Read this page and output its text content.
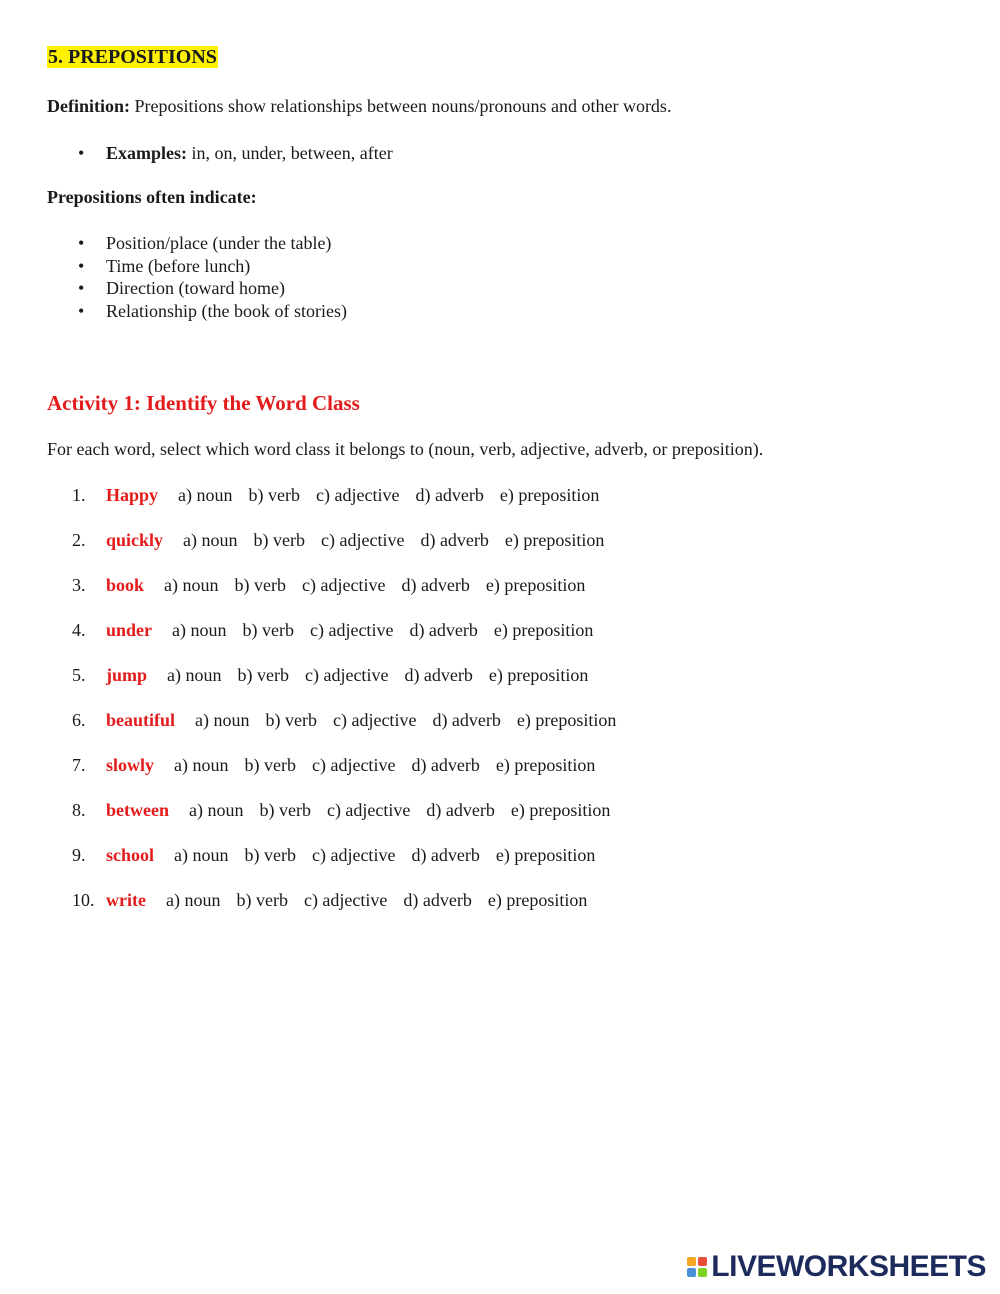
5. PREPOSITIONS

Definition: Prepositions show relationships between nouns/pronouns and other words.

• Examples: in, on, under, between, after

Prepositions often indicate:

• Position/place (under the table)
• Time (before lunch)
• Direction (toward home)
• Relationship (the book of stories)
Activity 1: Identify the Word Class

For each word, select which word class it belongs to (noun, verb, adjective, adverb, or preposition).

1. Happy a) noun b) verb c) adjective d) adverb e) preposition
2. quickly a) noun b) verb c) adjective d) adverb e) preposition
3. book a) noun b) verb c) adjective d) adverb e) preposition
4. under a) noun b) verb c) adjective d) adverb e) preposition
5. jump a) noun b) verb c) adjective d) adverb e) preposition
6. beautiful a) noun b) verb c) adjective d) adverb e) preposition
7. slowly a) noun b) verb c) adjective d) adverb e) preposition
8. between a) noun b) verb c) adjective d) adverb e) preposition
9. school a) noun b) verb c) adjective d) adverb e) preposition
10. write a) noun b) verb c) adjective d) adverb e) preposition
LIVEWORKSHEETS
